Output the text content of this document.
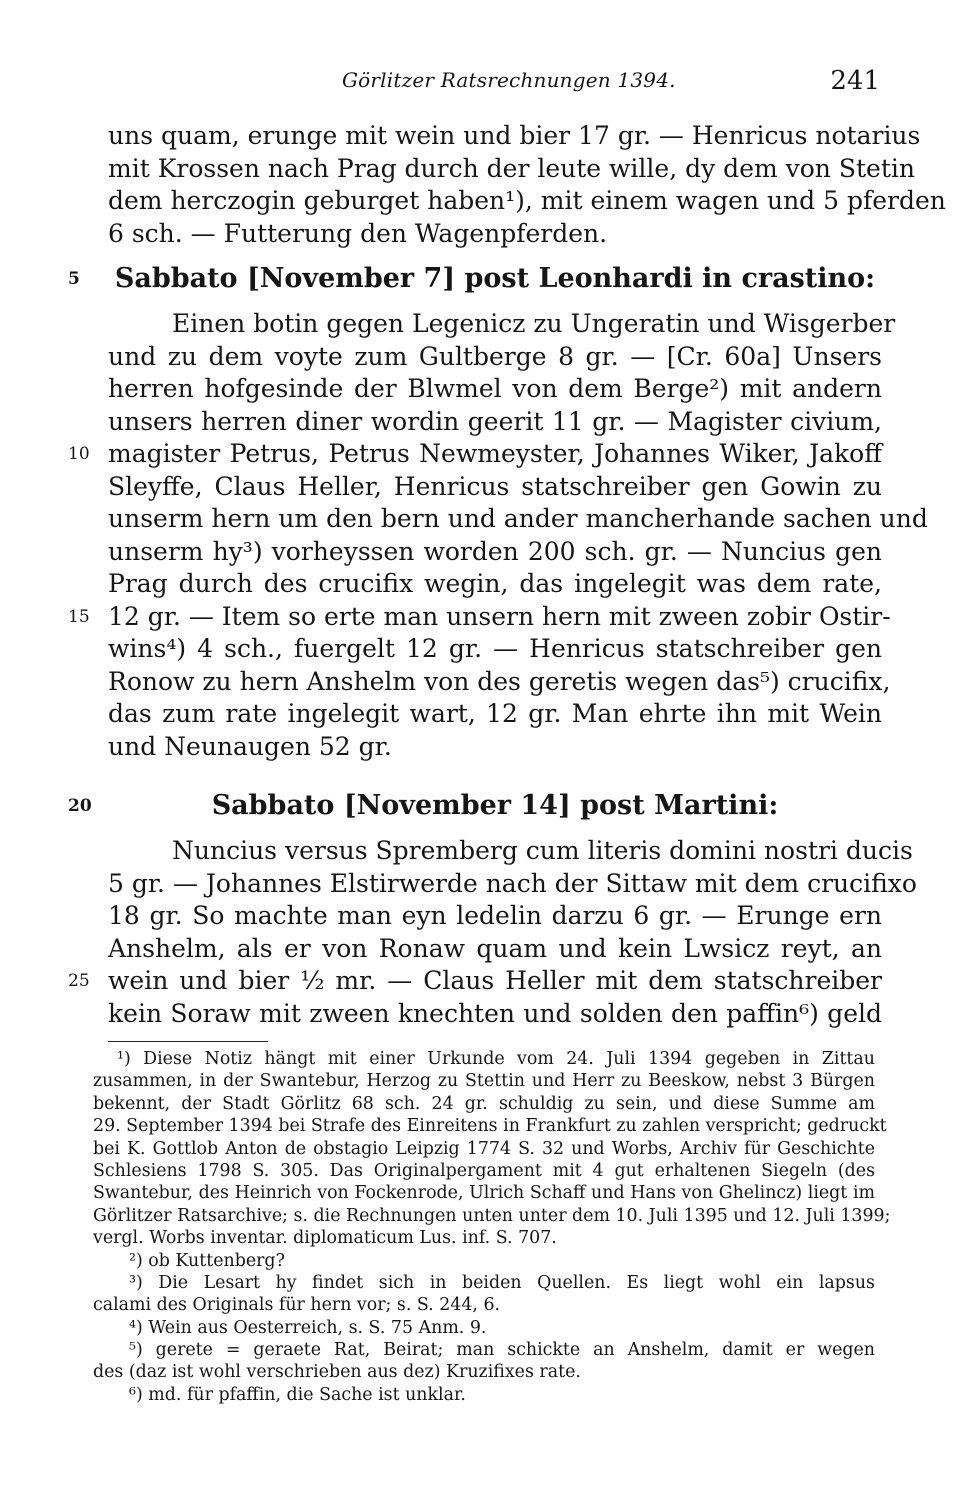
Görlitzer Ratsrechnungen 1394.	241
uns quam, erunge mit wein und bier 17 gr. — Henricus notarius
mit Krossen nach Prag durch der leute wille, dy dem von Stetin
dem herczogin geburget haben¹), mit einem wagen und 5 pferden
6 sch. — Futterung den Wagenpferden.
5	Sabbato [November 7] post Leonhardi in crastino:
Einen botin gegen Legenicz zu Ungeratin und Wisgerber
und zu dem voyte zum Gultberge 8 gr. — [Cr. 60a] Unsers
herren hofgesinde der Blwmel von dem Berge²) mit andern
unsers herren diner wordin geerit 11 gr. — Magister civium,
10 magister Petrus, Petrus Newmeyster, Johannes Wiker, Jakoff
Sleyffe, Claus Heller, Henricus statschreiber gen Gowin zu
unserm hern um den bern und ander mancherhande sachen und
unserm hy³) vorheyssen worden 200 sch. gr. — Nuncius gen
Prag durch des crucifix wegin, das ingelegit was dem rate,
15 12 gr. — Item so erte man unsern hern mit zween zobir Ostir-
wins⁴) 4 sch., fuergelt 12 gr. — Henricus statschreiber gen
Ronow zu hern Anshelm von des geretis wegen das⁵) crucifix,
das zum rate ingelegit wart, 12 gr. Man ehrte ihn mit Wein
und Neunaugen 52 gr.
20	Sabbato [November 14] post Martini:
Nuncius versus Spremberg cum literis domini nostri ducis
5 gr. — Johannes Elstirwerde nach der Sittaw mit dem crucifixo
18 gr. So machte man eyn ledelin darzu 6 gr. — Erunge ern
Anshelm, als er von Ronaw quam und kein Lwsicz reyt, an
25 wein und bier ½ mr. — Claus Heller mit dem statschreiber
kein Soraw mit zween knechten und solden den paffin⁶) geld
¹) Diese Notiz hängt mit einer Urkunde vom 24. Juli 1394 gegeben in Zittau
zusammen, in der Swantebur, Herzog zu Stettin und Herr zu Beeskow, nebst 3 Bürgen
bekennt, der Stadt Görlitz 68 sch. 24 gr. schuldig zu sein, und diese Summe am
29. September 1394 bei Strafe des Einreitens in Frankfurt zu zahlen verspricht; gedruckt
bei K. Gottlob Anton de obstagio Leipzig 1774 S. 32 und Worbs, Archiv für Geschichte
Schlesiens 1798 S. 305. Das Originalpergament mit 4 gut erhaltenen Siegeln (des
Swantebur, des Heinrich von Fockenrode, Ulrich Schaff und Hans von Ghelincz) liegt im
Görlitzer Ratsarchive; s. die Rechnungen unten unter dem 10. Juli 1395 und 12. Juli 1399;
vergl. Worbs inventar. diplomaticum Lus. inf. S. 707.
²) ob Kuttenberg?
³) Die Lesart hy findet sich in beiden Quellen. Es liegt wohl ein lapsus
calami des Originals für hern vor; s. S. 244, 6.
⁴) Wein aus Oesterreich, s. S. 75 Anm. 9.
⁵) gerete = geraete Rat, Beirat; man schickte an Anshelm, damit er wegen
des (daz ist wohl verschrieben aus dez) Kruzifixes rate.
⁶) md. für pfaffin, die Sache ist unklar.
